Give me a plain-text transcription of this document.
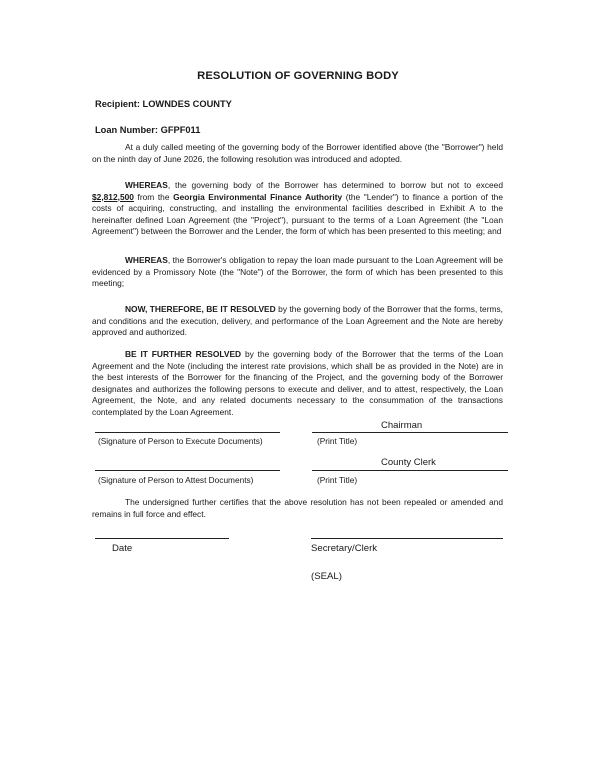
RESOLUTION OF GOVERNING BODY
Recipient: LOWNDES COUNTY
Loan Number: GFPF011
At a duly called meeting of the governing body of the Borrower identified above (the "Borrower") held on the ninth day of June 2026, the following resolution was introduced and adopted.
WHEREAS, the governing body of the Borrower has determined to borrow but not to exceed $2,812,500 from the Georgia Environmental Finance Authority (the "Lender") to finance a portion of the costs of acquiring, constructing, and installing the environmental facilities described in Exhibit A to the hereinafter defined Loan Agreement (the "Project"), pursuant to the terms of a Loan Agreement (the "Loan Agreement") between the Borrower and the Lender, the form of which has been presented to this meeting; and
WHEREAS, the Borrower's obligation to repay the loan made pursuant to the Loan Agreement will be evidenced by a Promissory Note (the "Note") of the Borrower, the form of which has been presented to this meeting;
NOW, THEREFORE, BE IT RESOLVED by the governing body of the Borrower that the forms, terms, and conditions and the execution, delivery, and performance of the Loan Agreement and the Note are hereby approved and authorized.
BE IT FURTHER RESOLVED by the governing body of the Borrower that the terms of the Loan Agreement and the Note (including the interest rate provisions, which shall be as provided in the Note) are in the best interests of the Borrower for the financing of the Project, and the governing body of the Borrower designates and authorizes the following persons to execute and deliver, and to attest, respectively, the Loan Agreement, the Note, and any related documents necessary to the consummation of the transactions contemplated by the Loan Agreement.
Chairman
(Signature of Person to Execute Documents)	(Print Title)
County Clerk
(Signature of Person to Attest Documents)	(Print Title)
The undersigned further certifies that the above resolution has not been repealed or amended and remains in full force and effect.
Date	Secretary/Clerk
(SEAL)
